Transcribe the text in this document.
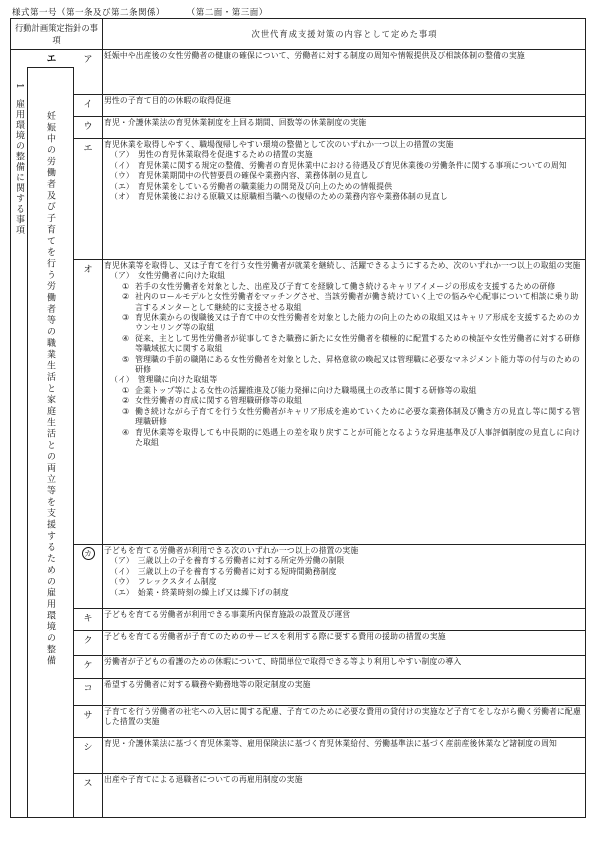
様式第一号（第一条及び第二条関係）	（第二面・第三面）
行動計画策定指針の事項
次世代育成支援対策の内容として定めた事項
1
雇用環境の整備に関する事項
エ
妊娠中の労働者及び子育てを行う労働者等の職業生活と家庭生活との両立等を支援するための雇用環境の整備
ア	妊娠中や出産後の女性労働者の健康の確保について、労働者に対する制度の周知や情報提供及び相談体制の整備の実施

イ	男性の子育て目的の休暇の取得促進

ウ	育児・介護休業法の育児休業制度を上回る期間、回数等の休業制度の実施

エ	育児休業を取得しやすく、職場復帰しやすい環境の整備として次のいずれか一つ以上の措置の実施

（ア） 男性の育児休業取得を促進するための措置の実施
（イ） 育児休業に関する規定の整備、労働者の育児休業中における待遇及び育児休業後の労働条件に関する事項についての周知
（ウ） 育児休業期間中の代替要員の確保や業務内容、業務体制の見直し
（エ） 育児休業をしている労働者の職業能力の開発及び向上のための情報提供
（オ） 育児休業後における原職又は原職相当職への復帰のための業務内容や業務体制の見直し
オ	育児休業等を取得し、又は子育てを行う女性労働者が就業を継続し、活躍できるようにするため、次のいずれか一つ以上の取組の実施

（ア） 女性労働者に向けた取組
① 若手の女性労働者を対象とした、出産及び子育てを経験して働き続けるキャリアイメージの形成を支援するための研修
② 社内のロールモデルと女性労働者をマッチングさせ、当該労働者が働き続けていく上での悩みや心配事について相談に乗り助言するメンターとして継続的に支援させる取組
③ 育児休業からの復職後又は子育て中の女性労働者を対象とした能力の向上のための取組又はキャリア形成を支援するためのカウンセリング等の取組
④ 従来、主として男性労働者が従事してきた職務に新たに女性労働者を積極的に配置するための検証や女性労働者に対する研修等職域拡大に関する取組
⑤ 管理職の手前の職階にある女性労働者を対象とした、昇格意欲の喚起又は管理職に必要なマネジメント能力等の付与のための研修
（イ） 管理職に向けた取組等
① 企業トップ等による女性の活躍推進及び能力発揮に向けた職場風土の改革に関する研修等の取組
② 女性労働者の育成に関する管理職研修等の取組
③ 働き続けながら子育てを行う女性労働者がキャリア形成を進めていくために必要な業務体制及び働き方の見直し等に関する管理職研修
④ 育児休業等を取得しても中長期的に処遇上の差を取り戻すことが可能となるような昇進基準及び人事評価制度の見直しに向けた取組
カ	子どもを育てる労働者が利用できる次のいずれか一つ以上の措置の実施

（ア） 三歳以上の子を養育する労働者に対する所定外労働の制限
（イ） 三歳以上の子を養育する労働者に対する短時間勤務制度
（ウ） フレックスタイム制度
（エ） 始業・終業時刻の繰上げ又は繰下げの制度
キ	子どもを育てる労働者が利用できる事業所内保育施設の設置及び運営

ク	子どもを育てる労働者が子育てのためのサービスを利用する際に要する費用の援助の措置の実施

ケ	労働者が子どもの看護のための休暇について、時間単位で取得できる等より利用しやすい制度の導入

コ	希望する労働者に対する職務や勤務地等の限定制度の実施

サ	子育てを行う労働者の社宅への入居に関する配慮、子育てのために必要な費用の貸付けの実施など子育てをしながら働く労働者に配慮した措置の実施

シ	育児・介護休業法に基づく育児休業等、雇用保険法に基づく育児休業給付、労働基準法に基づく産前産後休業など諸制度の周知

ス	出産や子育てによる退職者についての再雇用制度の実施
